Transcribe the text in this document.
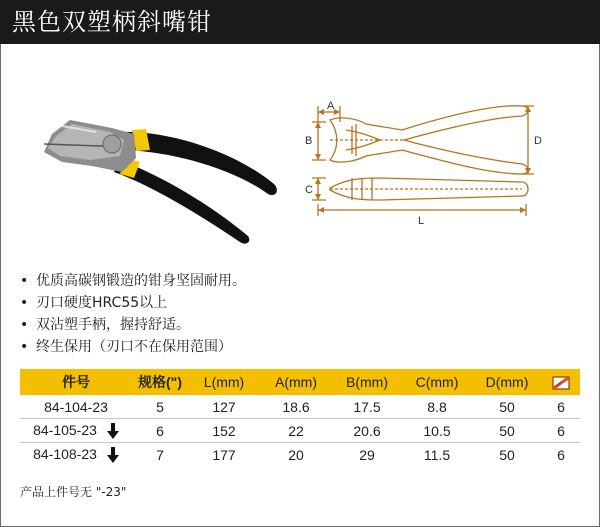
黑色双塑柄斜嘴钳
A
B	D
C
L
• 优质高碳钢锻造的钳身坚固耐用。
• 刃口硬度HRC55以上
• 双沾塑手柄，握持舒适。
• 终生保用（刃口不在保用范围）
件号	规格(")	L(mm)	A(mm)	B(mm)	C(mm)	D(mm)	
84-104-23	5	127	18.6	17.5	8.8	50	6
84-105-23	6	152	22	20.6	10.5	50	6
84-108-23	7	177	20	29	11.5	50	6
产品上件号无 "-23"
